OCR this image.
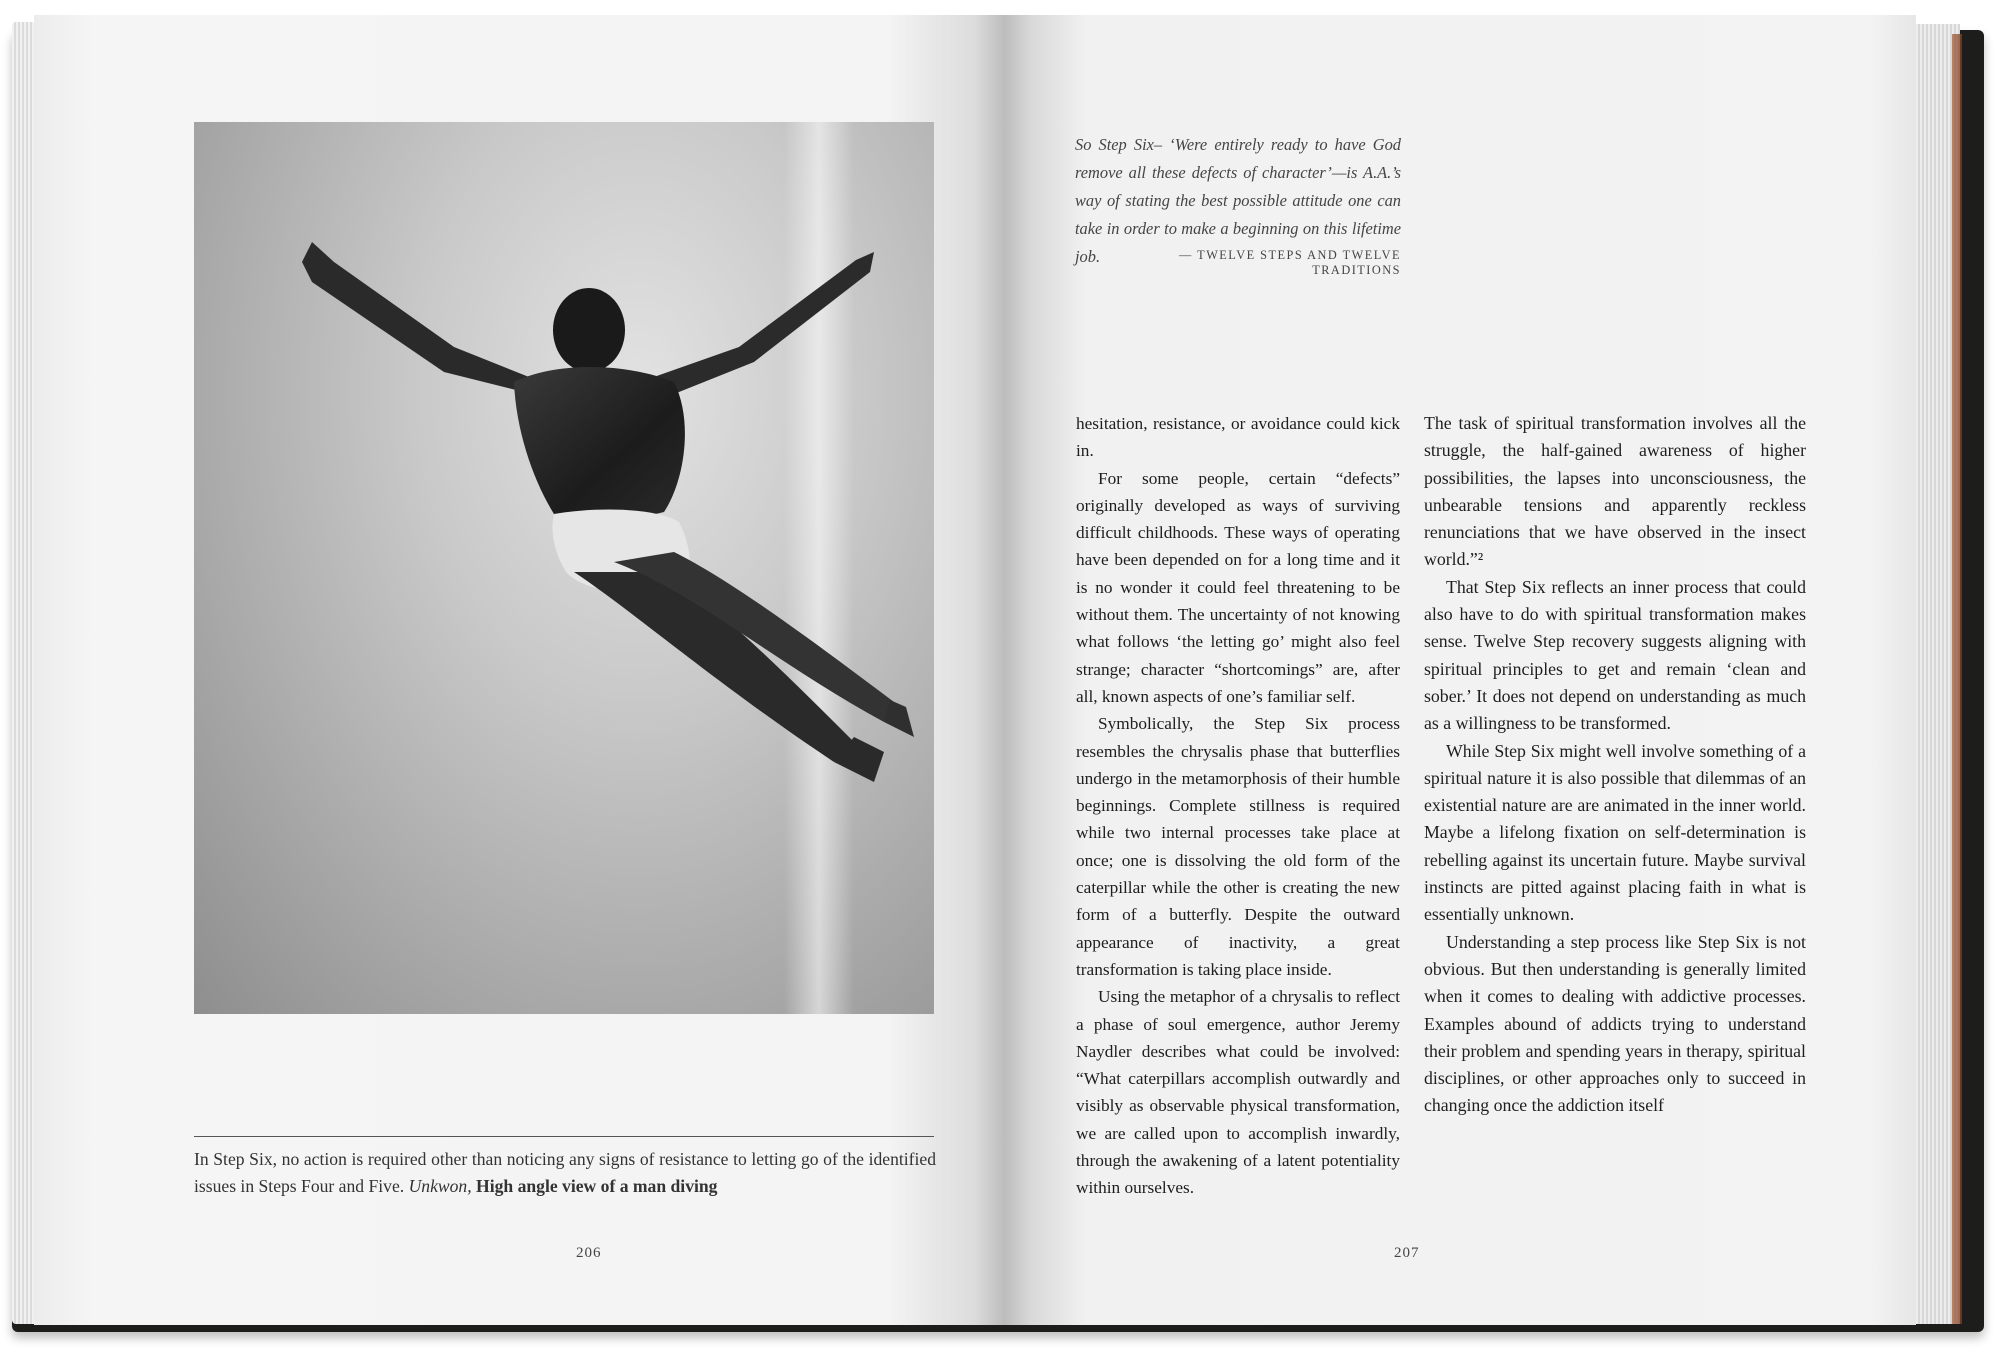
In Step Six, no action is required other than noticing any signs of resistance to letting go of the identified issues in Steps Four and Five. Unkwon, High angle view of a man diving
206
So Step Six– ‘Were entirely ready to have God remove all these defects of character’—is A.A.’s way of stating the best possible attitude one can take in order to make a beginning on this lifetime job.	— TWELVE STEPS AND TWELVE TRADITIONS

hesitation, resistance, or avoidance could kick in.

For some people, certain “defects” originally developed as ways of surviving difficult childhoods. These ways of operating have been depended on for a long time and it is no wonder it could feel threatening to be without them. The uncertainty of not knowing what follows ‘the letting go’ might also feel strange; character “shortcomings” are, after all, known aspects of one’s familiar self.

Symbolically, the Step Six process resembles the chrysalis phase that butterflies undergo in the metamorphosis of their humble beginnings. Complete stillness is required while two internal processes take place at once; one is dissolving the old form of the caterpillar while the other is creating the new form of a butterfly. Despite the outward appearance of inactivity, a great transformation is taking place inside.

Using the metaphor of a chrysalis to reflect a phase of soul emergence, author Jeremy Naydler describes what could be involved: “What caterpillars accomplish outwardly and visibly as observable physical transformation, we are called upon to accomplish inwardly, through the awakening of a latent potentiality within ourselves.

The task of spiritual transformation involves all the struggle, the half-gained awareness of higher possibilities, the lapses into unconsciousness, the unbearable tensions and apparently reckless renunciations that we have observed in the insect world.”²

That Step Six reflects an inner process that could also have to do with spiritual transformation makes sense. Twelve Step recovery suggests aligning with spiritual principles to get and remain ‘clean and sober.’ It does not depend on understanding as much as a willingness to be transformed.

While Step Six might well involve something of a spiritual nature it is also possible that dilemmas of an existential nature are are animated in the inner world. Maybe a lifelong fixation on self-determination is rebelling against its uncertain future. Maybe survival instincts are pitted against placing faith in what is essentially unknown.

Understanding a step process like Step Six is not obvious. But then understanding is generally limited when it comes to dealing with addictive processes. Examples abound of addicts trying to understand their problem and spending years in therapy, spiritual disciplines, or other approaches only to succeed in changing once the addiction itself

207
